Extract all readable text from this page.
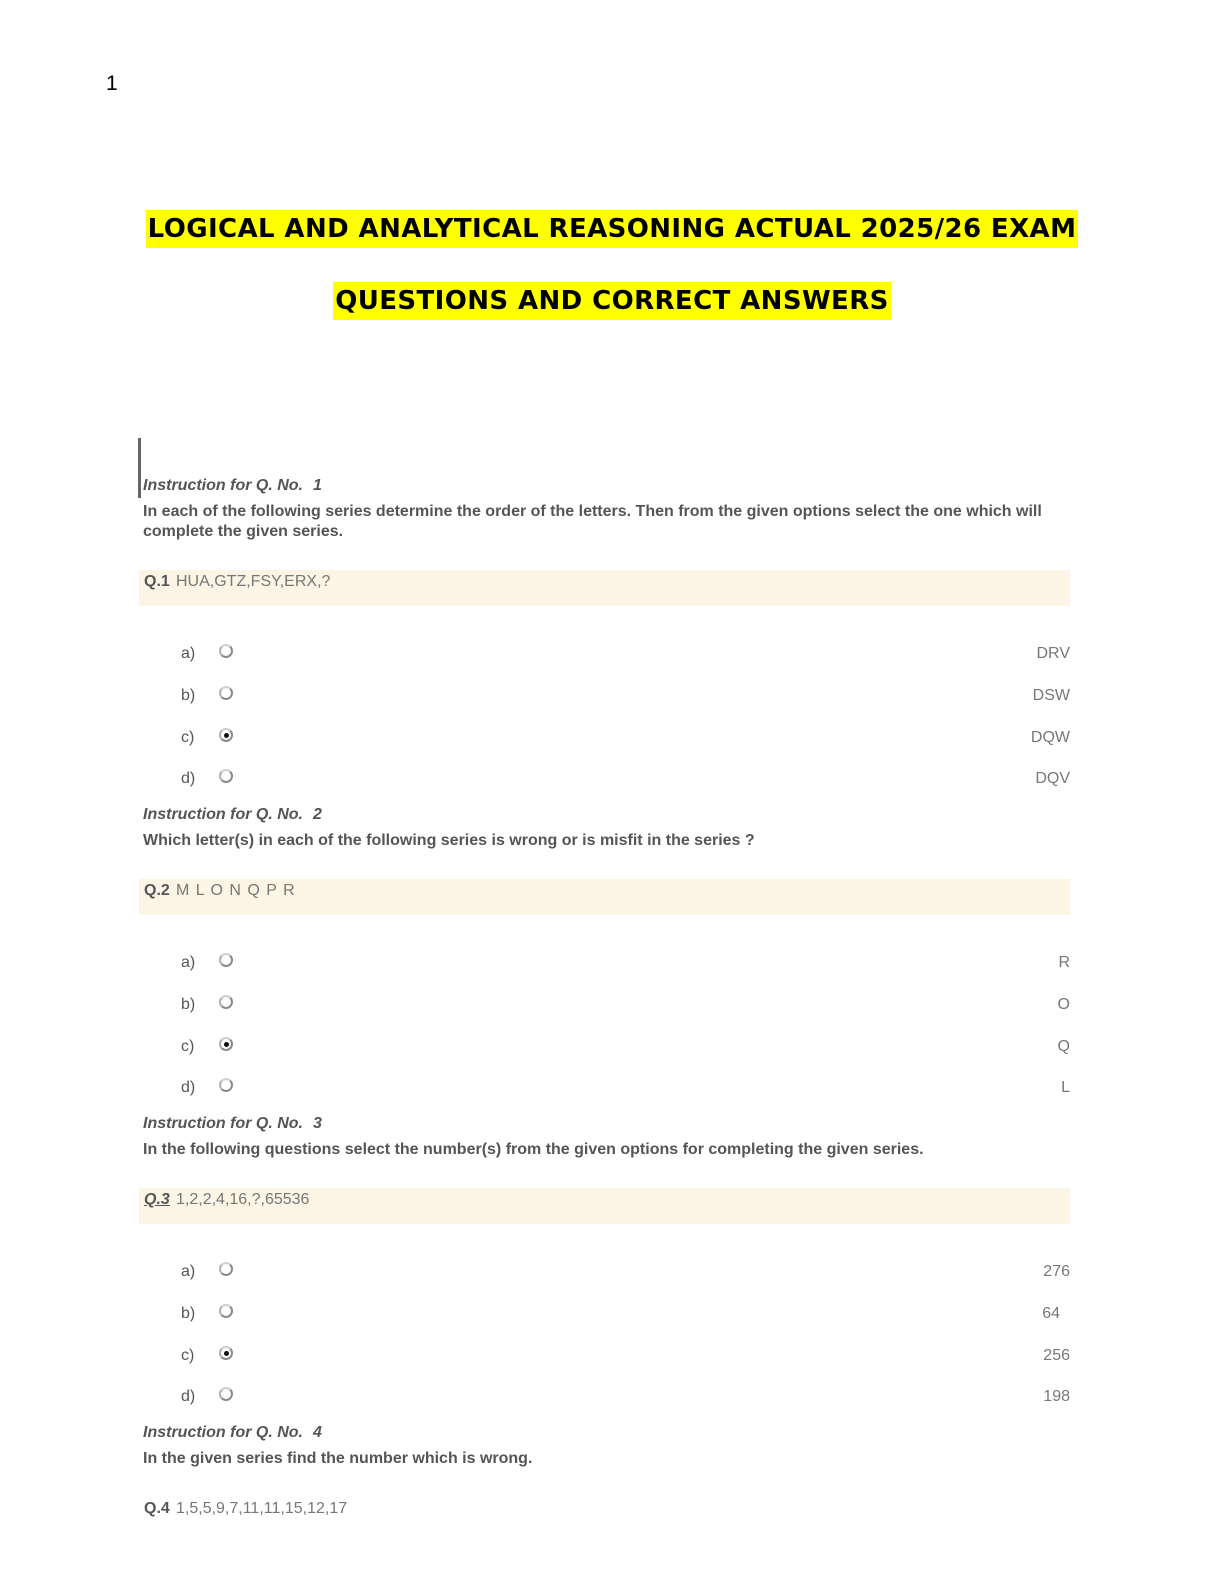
1
LOGICAL AND ANALYTICAL REASONING ACTUAL 2025/26 EXAM
QUESTIONS AND CORRECT ANSWERS
Instruction for Q. No. 1
In each of the following series determine the order of the letters. Then from the given options select the one which will complete the given series.
Q.1 HUA,GTZ,FSY,ERX,?
a)	DRV
b)	DSW
c)	DQW
d)	DQV
Instruction for Q. No. 2
Which letter(s) in each of the following series is wrong or is misfit in the series ?
Q.2 M L O N Q P R
a)	R
b)	O
c)	Q
d)	L
Instruction for Q. No. 3
In the following questions select the number(s) from the given options for completing the given series.
Q.3 1,2,2,4,16,?,65536
a)	276
b)	64
c)	256
d)	198
Instruction for Q. No. 4
In the given series find the number which is wrong.
Q.4 1,5,5,9,7,11,11,15,12,17
